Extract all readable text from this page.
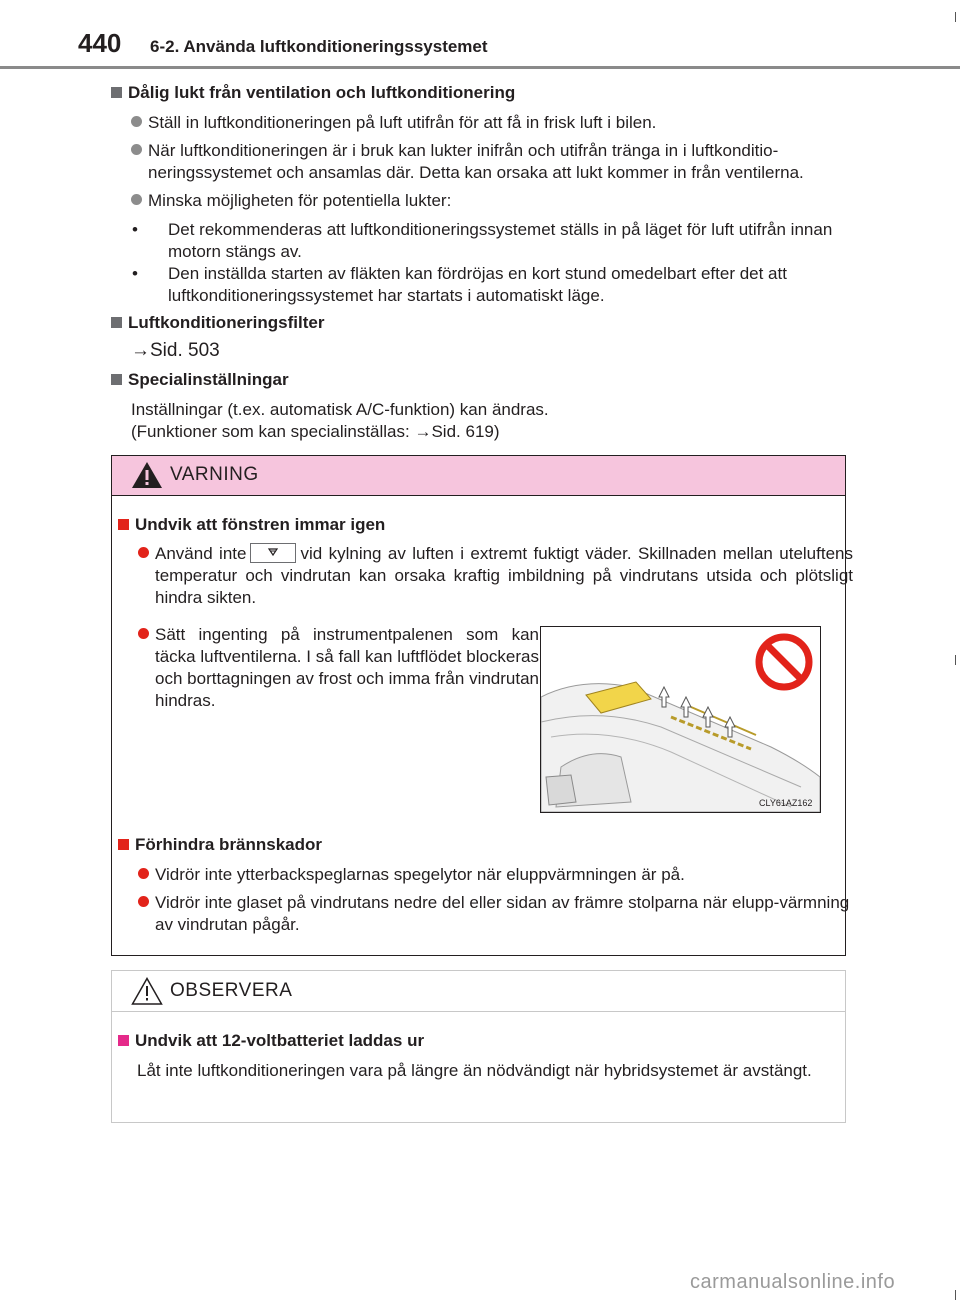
440 6-2. Använda luftkonditioneringssystemet
Dålig lukt från ventilation och luftkonditionering
Ställ in luftkonditioneringen på luft utifrån för att få in frisk luft i bilen.
När luftkonditioneringen är i bruk kan lukter inifrån och utifrån tränga in i luftkonditio-neringssystemet och ansamlas där. Detta kan orsaka att lukt kommer in från ventilerna.
Minska möjligheten för potentiella lukter:
• Det rekommenderas att luftkonditioneringssystemet ställs in på läget för luft utifrån innan motorn stängs av.
• Den inställda starten av fläkten kan fördröjas en kort stund omedelbart efter det att luftkonditioneringssystemet har startats i automatiskt läge.
Luftkonditioneringsfilter
→Sid. 503
Specialinställningar
Inställningar (t.ex. automatisk A/C-funktion) kan ändras.
(Funktioner som kan specialinställas: →Sid. 619)
VARNING
Undvik att fönstren immar igen
Använd inte	vid kylning av luften i extremt fuktigt väder. Skillnaden mellan uteluftens temperatur och vindrutan kan orsaka kraftig imbildning på vindrutans utsida och plötsligt hindra sikten.
Sätt ingenting på instrumentpalenen som kan täcka luftventilerna. I så fall kan luftflödet blockeras och borttagningen av frost och imma från vindrutan hindras.
CLY61AZ162
Förhindra brännskador
Vidrör inte ytterbackspeglarnas spegelytor när eluppvärmningen är på.
Vidrör inte glaset på vindrutans nedre del eller sidan av främre stolparna när elupp-värmning av vindrutan pågår.
OBSERVERA
Undvik att 12-voltbatteriet laddas ur
Låt inte luftkonditioneringen vara på längre än nödvändigt när hybridsystemet är avstängt.
carmanualsonline.info
